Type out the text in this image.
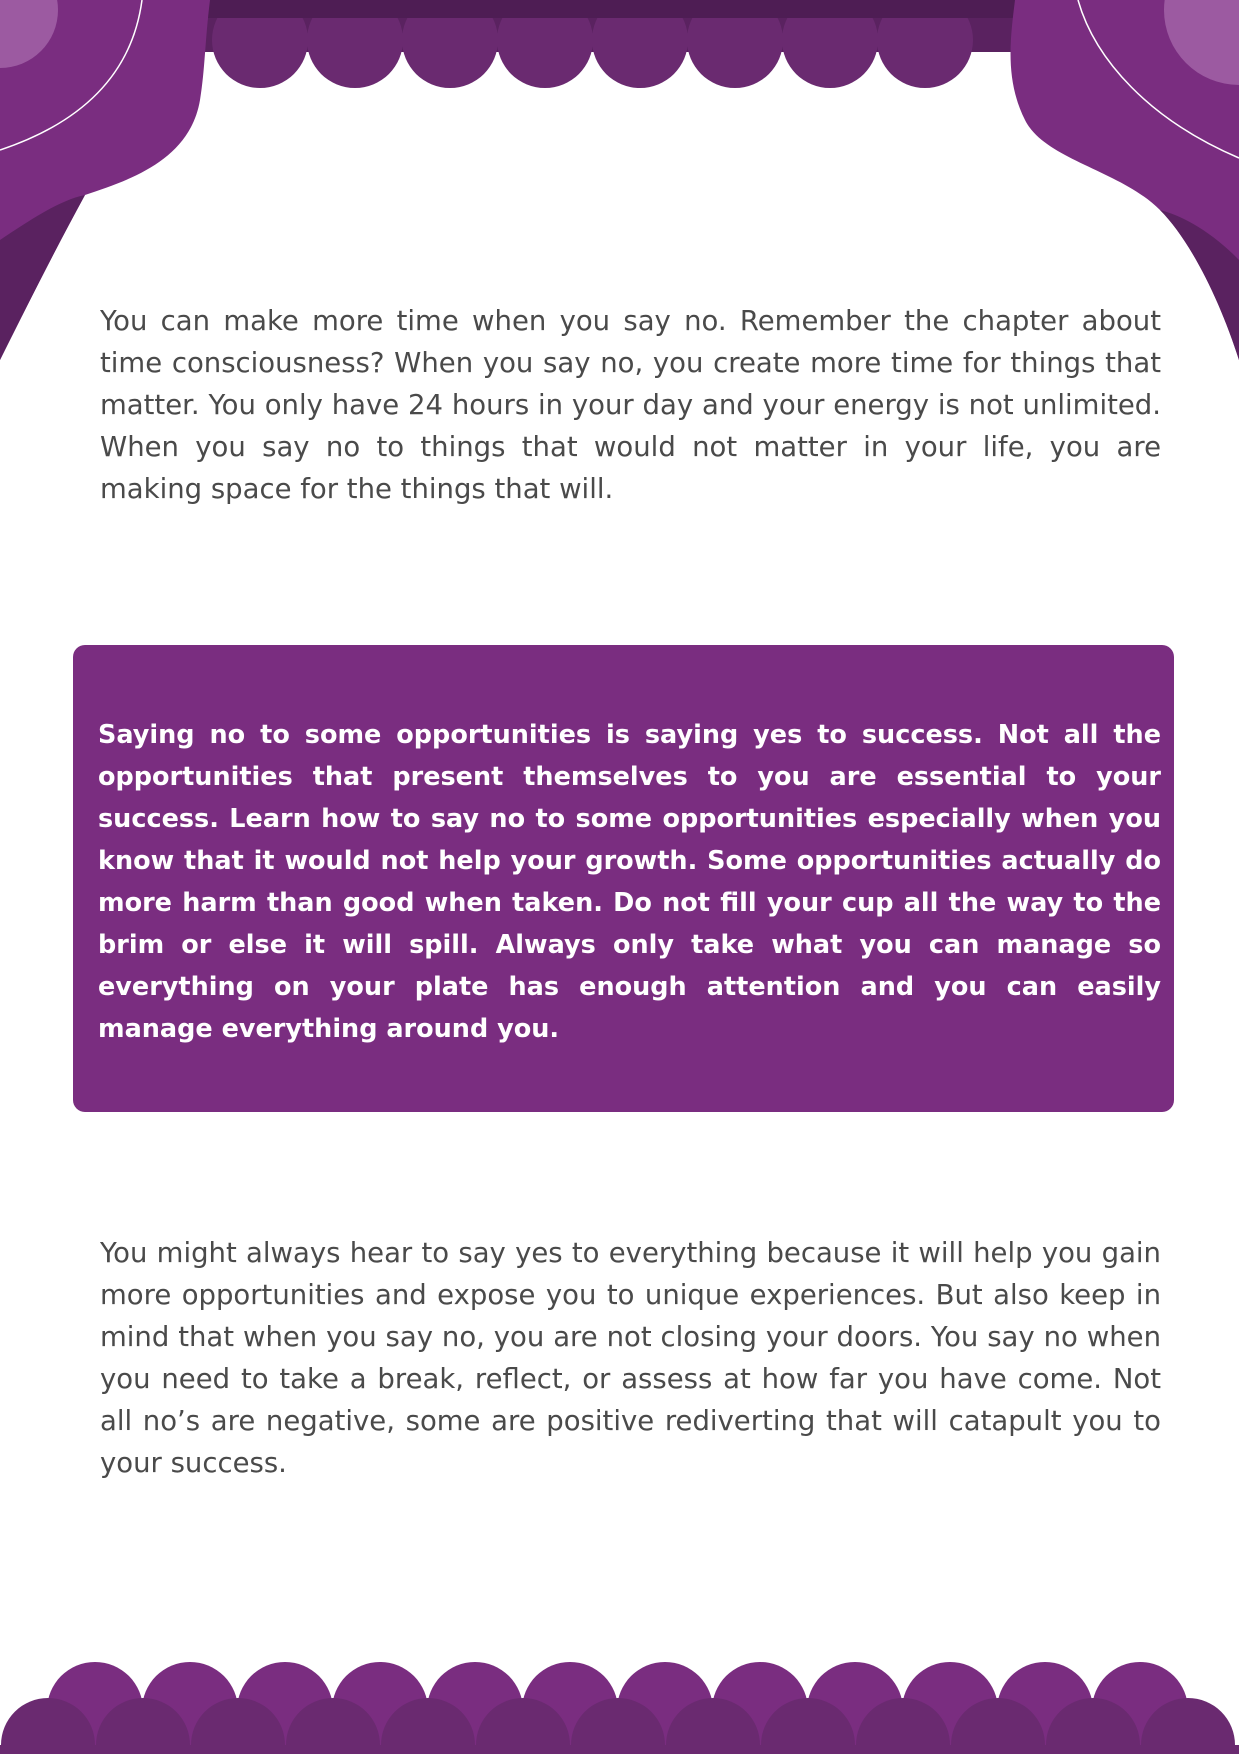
You can make more time when you say no. Remember the chapter about time consciousness? When you say no, you create more time for things that matter. You only have 24 hours in your day and your energy is not unlimited. When you say no to things that would not matter in your life, you are making space for the things that will.

Saying no to some opportunities is saying yes to success. Not all the opportunities that present themselves to you are essential to your success. Learn how to say no to some opportunities especially when you know that it would not help your growth. Some opportunities actually do more harm than good when taken. Do not fill your cup all the way to the brim or else it will spill. Always only take what you can manage so everything on your plate has enough attention and you can easily manage everything around you.

You might always hear to say yes to everything because it will help you gain more opportunities and expose you to unique experiences. But also keep in mind that when you say no, you are not closing your doors. You say no when you need to take a break, reflect, or assess at how far you have come. Not all no’s are negative, some are positive rediverting that will catapult you to your success.
